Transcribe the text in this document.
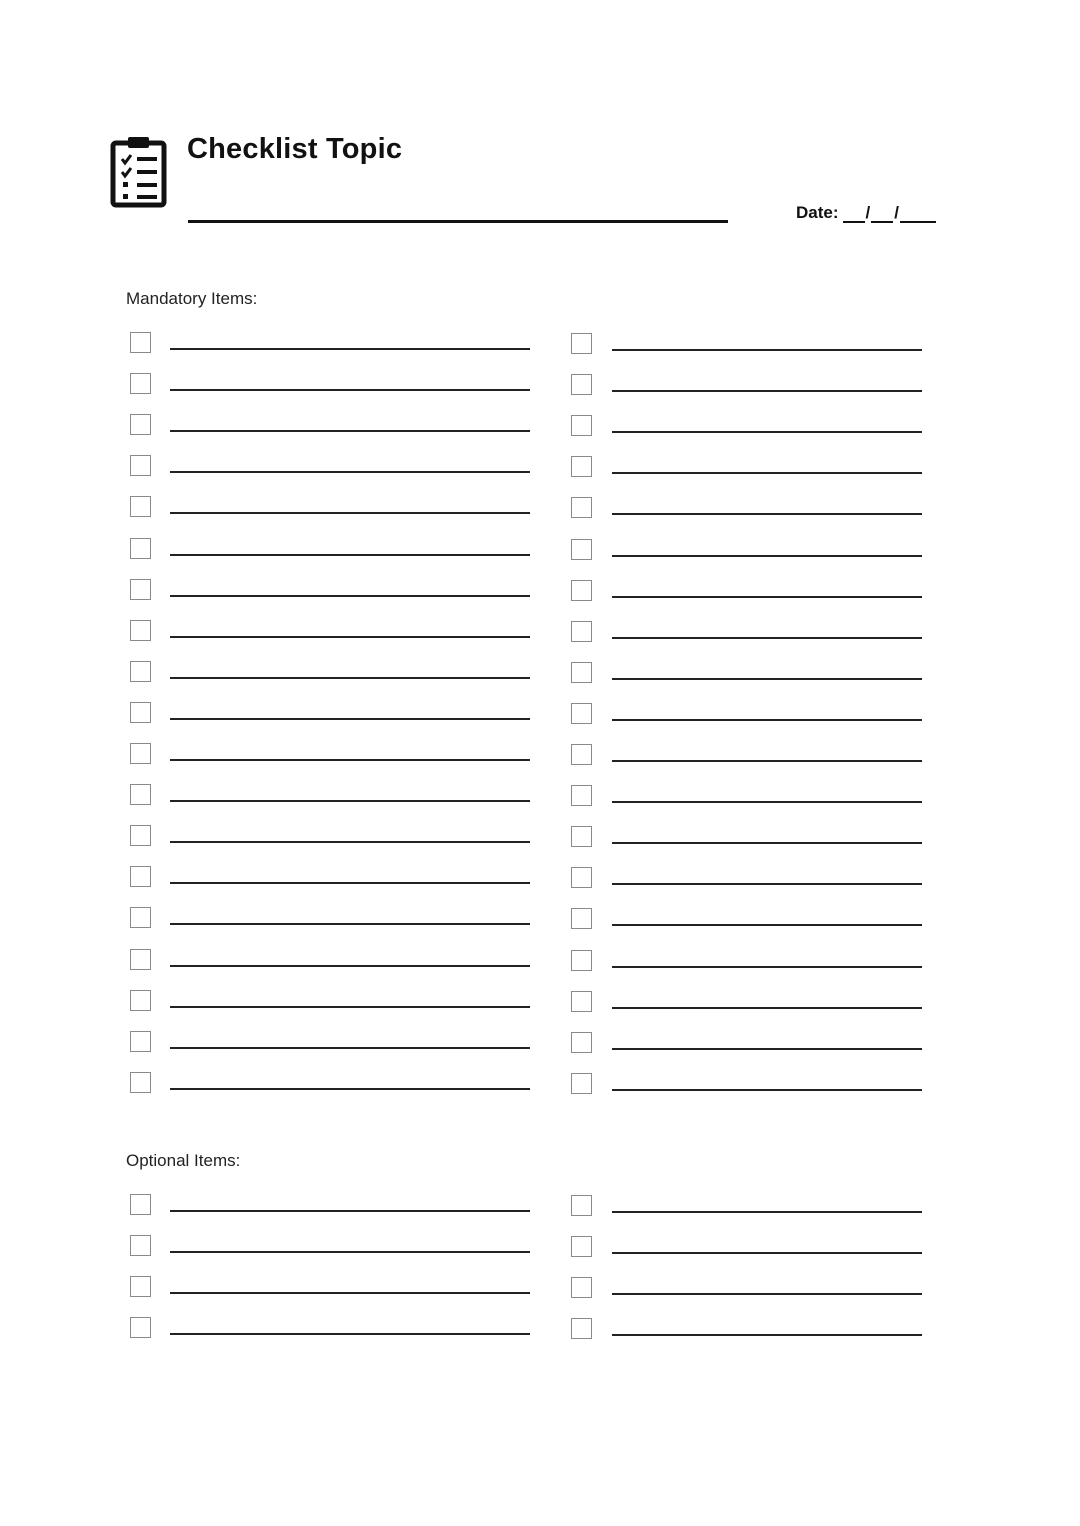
Checklist Topic
Date: / /
Mandatory Items:
Optional Items:
